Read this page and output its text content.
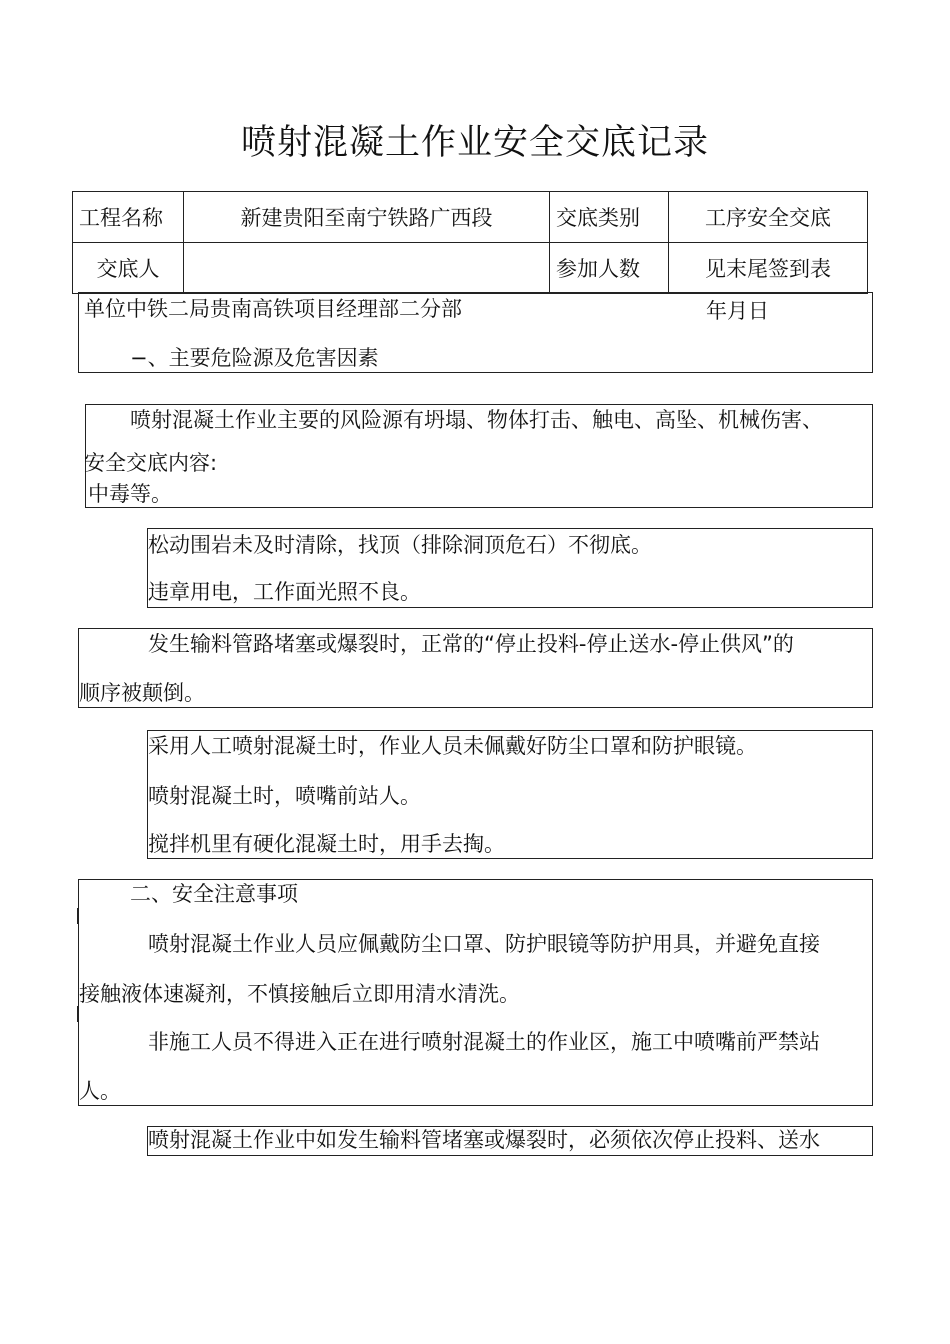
喷射混凝土作业安全交底记录
工程名称	新建贵阳至南宁铁路广西段	交底类别	工序安全交底
交底人		参加人数	见末尾签到表
单位中铁二局贵南高铁项目经理部二分部	年月日
−、主要危险源及危害因素
喷射混凝土作业主要的风险源有坍塌、物体打击、触电、高坠、机械伤害、
安全交底内容:
中毒等。
松动围岩未及时清除，找顶（排除洞顶危石）不彻底。
违章用电，工作面光照不良。
发生输料管路堵塞或爆裂时，正常的“停止投料-停止送水-停止供风”的
顺序被颠倒。
采用人工喷射混凝土时，作业人员未佩戴好防尘口罩和防护眼镜。
喷射混凝土时，喷嘴前站人。
搅拌机里有硬化混凝土时，用手去掏。
二、安全注意事项
喷射混凝土作业人员应佩戴防尘口罩、防护眼镜等防护用具，并避免直接
接触液体速凝剂，不慎接触后立即用清水清洗。
非施工人员不得进入正在进行喷射混凝土的作业区，施工中喷嘴前严禁站
人。
喷射混凝土作业中如发生输料管堵塞或爆裂时，必须依次停止投料、送水
